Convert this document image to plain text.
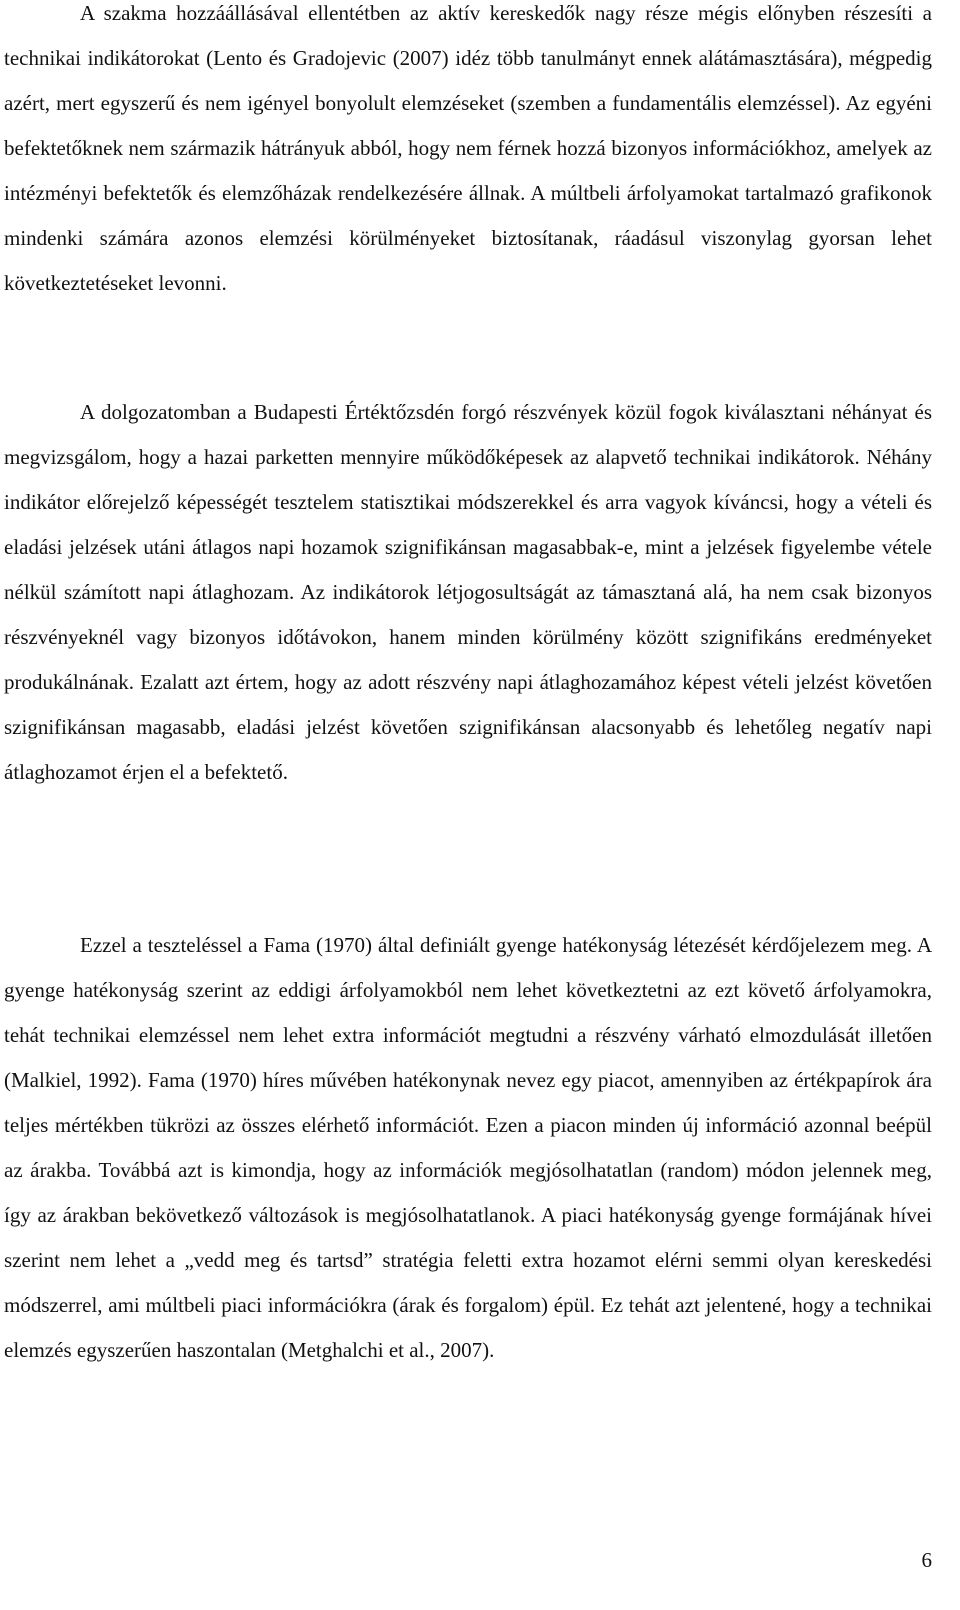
A szakma hozzáállásával ellentétben az aktív kereskedők nagy része mégis előnyben részesíti a technikai indikátorokat (Lento és Gradojevic (2007) idéz több tanulmányt ennek alátámasztására), mégpedig azért, mert egyszerű és nem igényel bonyolult elemzéseket (szemben a fundamentális elemzéssel). Az egyéni befektetőknek nem származik hátrányuk abból, hogy nem férnek hozzá bizonyos információkhoz, amelyek az intézményi befektetők és elemzőházak rendelkezésére állnak. A múltbeli árfolyamokat tartalmazó grafikonok mindenki számára azonos elemzési körülményeket biztosítanak, ráadásul viszonylag gyorsan lehet következtetéseket levonni.

A dolgozatomban a Budapesti Értéktőzsdén forgó részvények közül fogok kiválasztani néhányat és megvizsgálom, hogy a hazai parketten mennyire működőképesek az alapvető technikai indikátorok. Néhány indikátor előrejelző képességét tesztelem statisztikai módszerekkel és arra vagyok kíváncsi, hogy a vételi és eladási jelzések utáni átlagos napi hozamok szignifikánsan magasabbak-e, mint a jelzések figyelembe vétele nélkül számított napi átlaghozam. Az indikátorok létjogosultságát az támasztaná alá, ha nem csak bizonyos részvényeknél vagy bizonyos időtávokon, hanem minden körülmény között szignifikáns eredményeket produkálnának. Ezalatt azt értem, hogy az adott részvény napi átlaghozamához képest vételi jelzést követően szignifikánsan magasabb, eladási jelzést követően szignifikánsan alacsonyabb és lehetőleg negatív napi átlaghozamot érjen el a befektető.

Ezzel a teszteléssel a Fama (1970) által definiált gyenge hatékonyság létezését kérdőjelezem meg. A gyenge hatékonyság szerint az eddigi árfolyamokból nem lehet következtetni az ezt követő árfolyamokra, tehát technikai elemzéssel nem lehet extra információt megtudni a részvény várható elmozdulását illetően (Malkiel, 1992). Fama (1970) híres művében hatékonynak nevez egy piacot, amennyiben az értékpapírok ára teljes mértékben tükrözi az összes elérhető információt. Ezen a piacon minden új információ azonnal beépül az árakba. Továbbá azt is kimondja, hogy az információk megjósolhatatlan (random) módon jelennek meg, így az árakban bekövetkező változások is megjósolhatatlanok. A piaci hatékonyság gyenge formájának hívei szerint nem lehet a „vedd meg és tartsd” stratégia feletti extra hozamot elérni semmi olyan kereskedési módszerrel, ami múltbeli piaci információkra (árak és forgalom) épül. Ez tehát azt jelentené, hogy a technikai elemzés egyszerűen haszontalan (Metghalchi et al., 2007).

6
